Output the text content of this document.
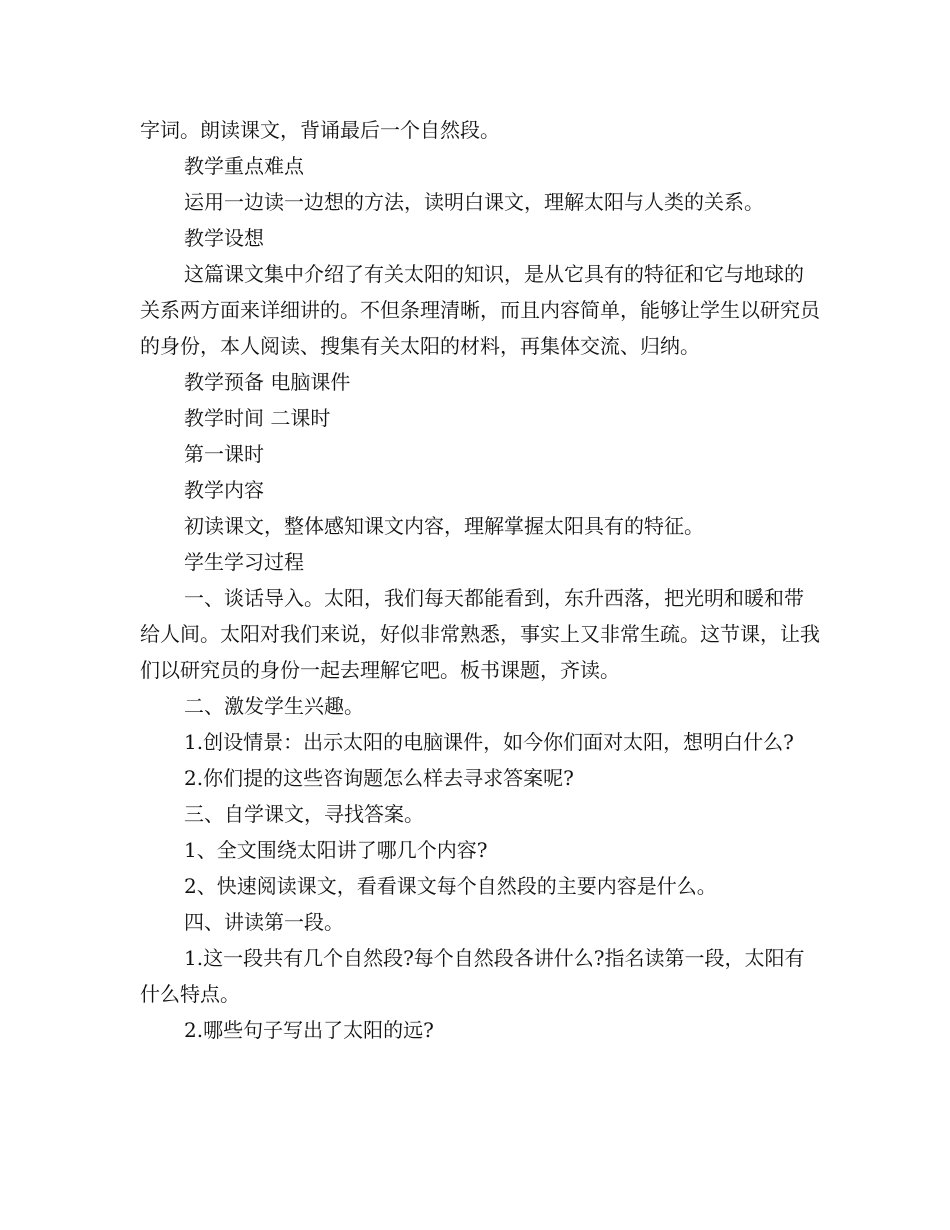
字词。朗读课文，背诵最后一个自然段。

教学重点难点

运用一边读一边想的方法，读明白课文，理解太阳与人类的关系。

教学设想

这篇课文集中介绍了有关太阳的知识，是从它具有的特征和它与地球的关系两方面来详细讲的。不但条理清晰，而且内容简单，能够让学生以研究员的身份，本人阅读、搜集有关太阳的材料，再集体交流、归纳。

教学预备 电脑课件

教学时间 二课时

第一课时

教学内容

初读课文，整体感知课文内容，理解掌握太阳具有的特征。

学生学习过程

一、谈话导入。太阳，我们每天都能看到，东升西落，把光明和暖和带给人间。太阳对我们来说，好似非常熟悉，事实上又非常生疏。这节课，让我们以研究员的身份一起去理解它吧。板书课题，齐读。

二、激发学生兴趣。

1.创设情景：出示太阳的电脑课件，如今你们面对太阳，想明白什么?

2.你们提的这些咨询题怎么样去寻求答案呢?

三、自学课文，寻找答案。

1、全文围绕太阳讲了哪几个内容?

2、快速阅读课文，看看课文每个自然段的主要内容是什么。

四、讲读第一段。

1.这一段共有几个自然段?每个自然段各讲什么?指名读第一段，太阳有什么特点。

2.哪些句子写出了太阳的远?
